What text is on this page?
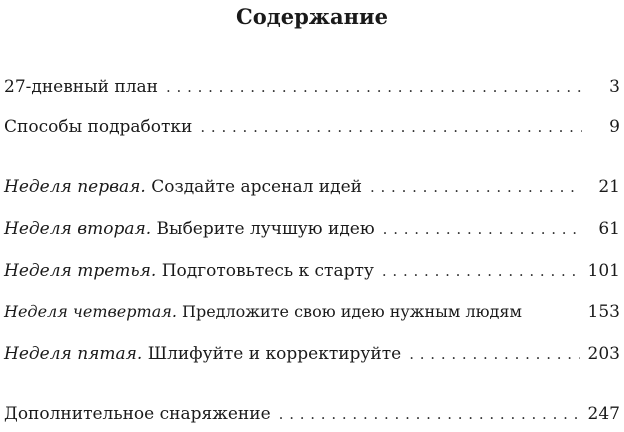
Содержание
27-дневный план . . .	3
Способы подработки . . .	9
Неделя первая. Создайте арсенал идей . . .	21
Неделя вторая. Выберите лучшую идею . . .	61
Неделя третья. Подготовьтесь к старту . . .	101
Неделя четвертая. Предложите свою идею нужным людям	153
Неделя пятая. Шлифуйте и корректируйте . . .	203
Дополнительное снаряжение . . .	247
